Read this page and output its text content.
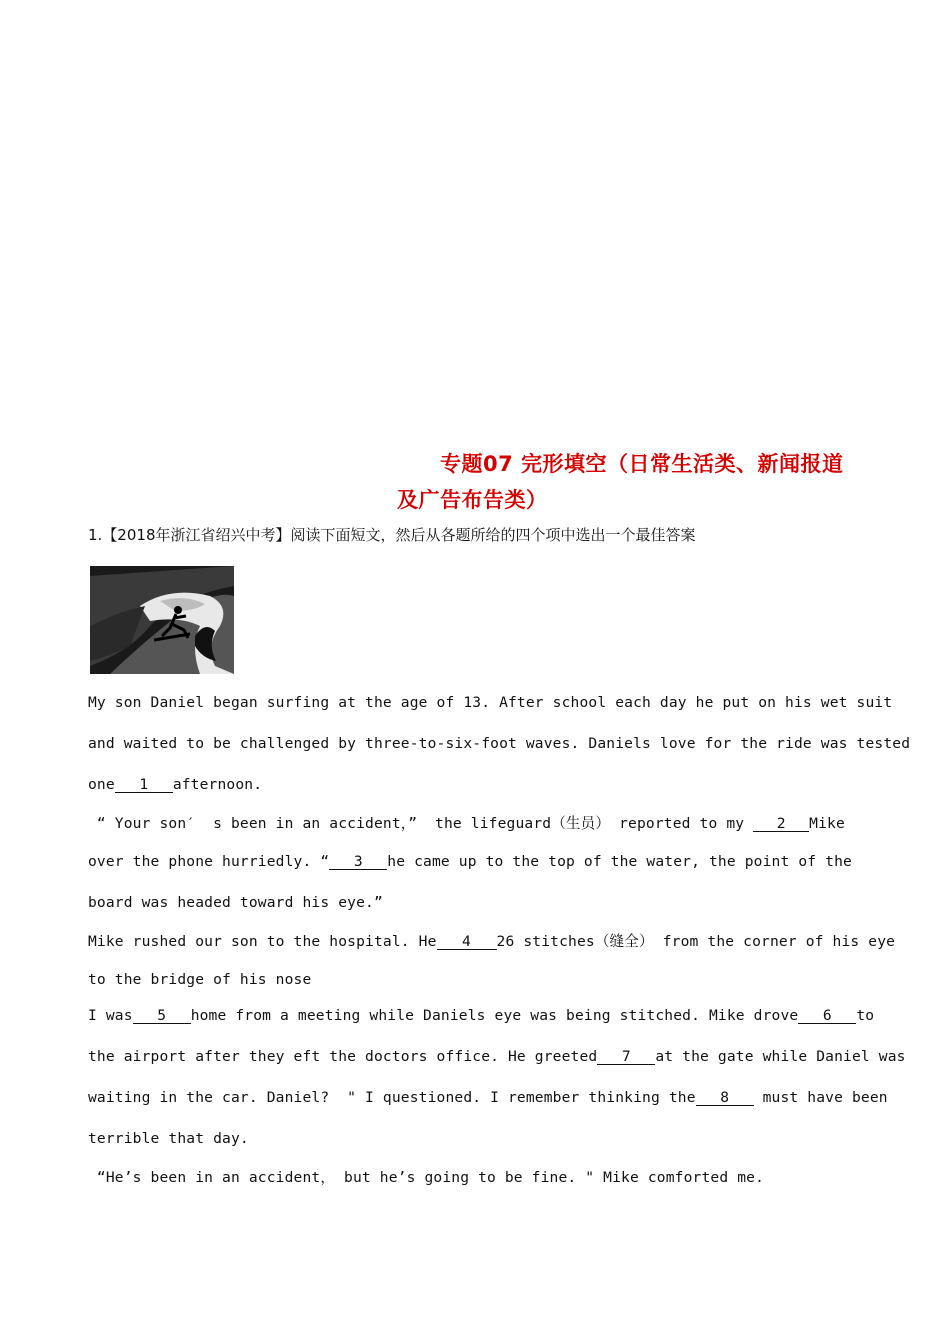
专题07 完形填空（日常生活类、新闻报道
及广告布告类）
1.【2018年浙江省绍兴中考】阅读下面短文，然后从各题所给的四个项中选出一个最佳答案
My son Daniel began surfing at the age of 13. After school each day he put on his wet suit
and waited to be challenged by three-to-six-foot waves. Daniels love for the ride was tested
one 1 afternoon.
“ Your son′  s been in an accident，”  the lifeguard（生员） reported to my 2 Mike
over the phone hurriedly. “ 3 he came up to the top of the water, the point of the
board was headed toward his eye.”
Mike rushed our son to the hospital. He 4 26 stitches（缝全） from the corner of his eye
to the bridge of his nose
I was 5 home from a meeting while Daniels eye was being stitched. Mike drove 6 to
the airport after they eft the doctors office. He greeted 7 at the gate while Daniel was
waiting in the car. Daniel?  " I questioned. I remember thinking the 8 must have been
terrible that day.
“He’s been in an accident， but he’s going to be fine. " Mike comforted me.
